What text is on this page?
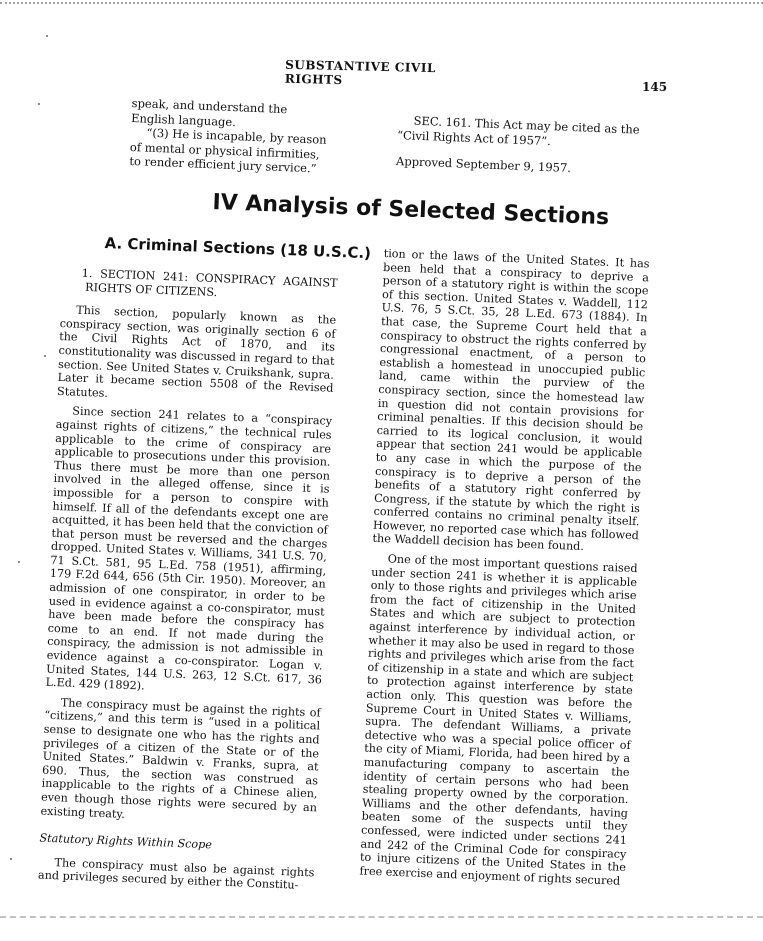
SUBSTANTIVE CIVIL RIGHTS	145

speak, and understand the English language.

“(3) He is incapable, by reason of mental or physical infirmities, to render efficient jury service.”

SEC. 161. This Act may be cited as the “Civil Rights Act of 1957”.

Approved September 9, 1957.

IV Analysis of Selected Sections
A. Criminal Sections (18 U.S.C.)

1. SECTION 241: CONSPIRACY AGAINST RIGHTS OF CITIZENS.

This section, popularly known as the conspiracy section, was originally section 6 of the Civil Rights Act of 1870, and its constitutionality was discussed in regard to that section. See United States v. Cruikshank, supra. Later it became section 5508 of the Revised Statutes.

Since section 241 relates to a “conspiracy against rights of citizens,” the technical rules applicable to the crime of conspiracy are applicable to prosecutions under this provision. Thus there must be more than one person involved in the alleged offense, since it is impossible for a person to conspire with himself. If all of the defendants except one are acquitted, it has been held that the conviction of that person must be reversed and the charges dropped. United States v. Williams, 341 U.S. 70, 71 S.Ct. 581, 95 L.Ed. 758 (1951), affirming, 179 F.2d 644, 656 (5th Cir. 1950). Moreover, an admission of one conspirator, in order to be used in evidence against a co-conspirator, must have been made before the conspiracy has come to an end. If not made during the conspiracy, the admission is not admissible in evidence against a co-conspirator. Logan v. United States, 144 U.S. 263, 12 S.Ct. 617, 36 L.Ed. 429 (1892).

The conspiracy must be against the rights of “citizens,” and this term is “used in a political sense to designate one who has the rights and privileges of a citizen of the State or of the United States.” Baldwin v. Franks, supra, at 690. Thus, the section was construed as inapplicable to the rights of a Chinese alien, even though those rights were secured by an existing treaty.

Statutory Rights Within Scope

The conspiracy must also be against rights and privileges secured by either the Constitu-

tion or the laws of the United States. It has been held that a conspiracy to deprive a person of a statutory right is within the scope of this section. United States v. Waddell, 112 U.S. 76, 5 S.Ct. 35, 28 L.Ed. 673 (1884). In that case, the Supreme Court held that a conspiracy to obstruct the rights conferred by congressional enactment, of a person to establish a homestead in unoccupied public land, came within the purview of the conspiracy section, since the homestead law in question did not contain provisions for criminal penalties. If this decision should be carried to its logical conclusion, it would appear that section 241 would be applicable to any case in which the purpose of the conspiracy is to deprive a person of the benefits of a statutory right conferred by Congress, if the statute by which the right is conferred contains no criminal penalty itself. However, no reported case which has followed the Waddell decision has been found.

One of the most important questions raised under section 241 is whether it is applicable only to those rights and privileges which arise from the fact of citizenship in the United States and which are subject to protection against interference by individual action, or whether it may also be used in regard to those rights and privileges which arise from the fact of citizenship in a state and which are subject to protection against interference by state action only. This question was before the Supreme Court in United States v. Williams, supra. The defendant Williams, a private detective who was a special police officer of the city of Miami, Florida, had been hired by a manufacturing company to ascertain the identity of certain persons who had been stealing property owned by the corporation. Williams and the other defendants, having beaten some of the suspects until they confessed, were indicted under sections 241 and 242 of the Criminal Code for conspiracy to injure citizens of the United States in the free exercise and enjoyment of rights secured
